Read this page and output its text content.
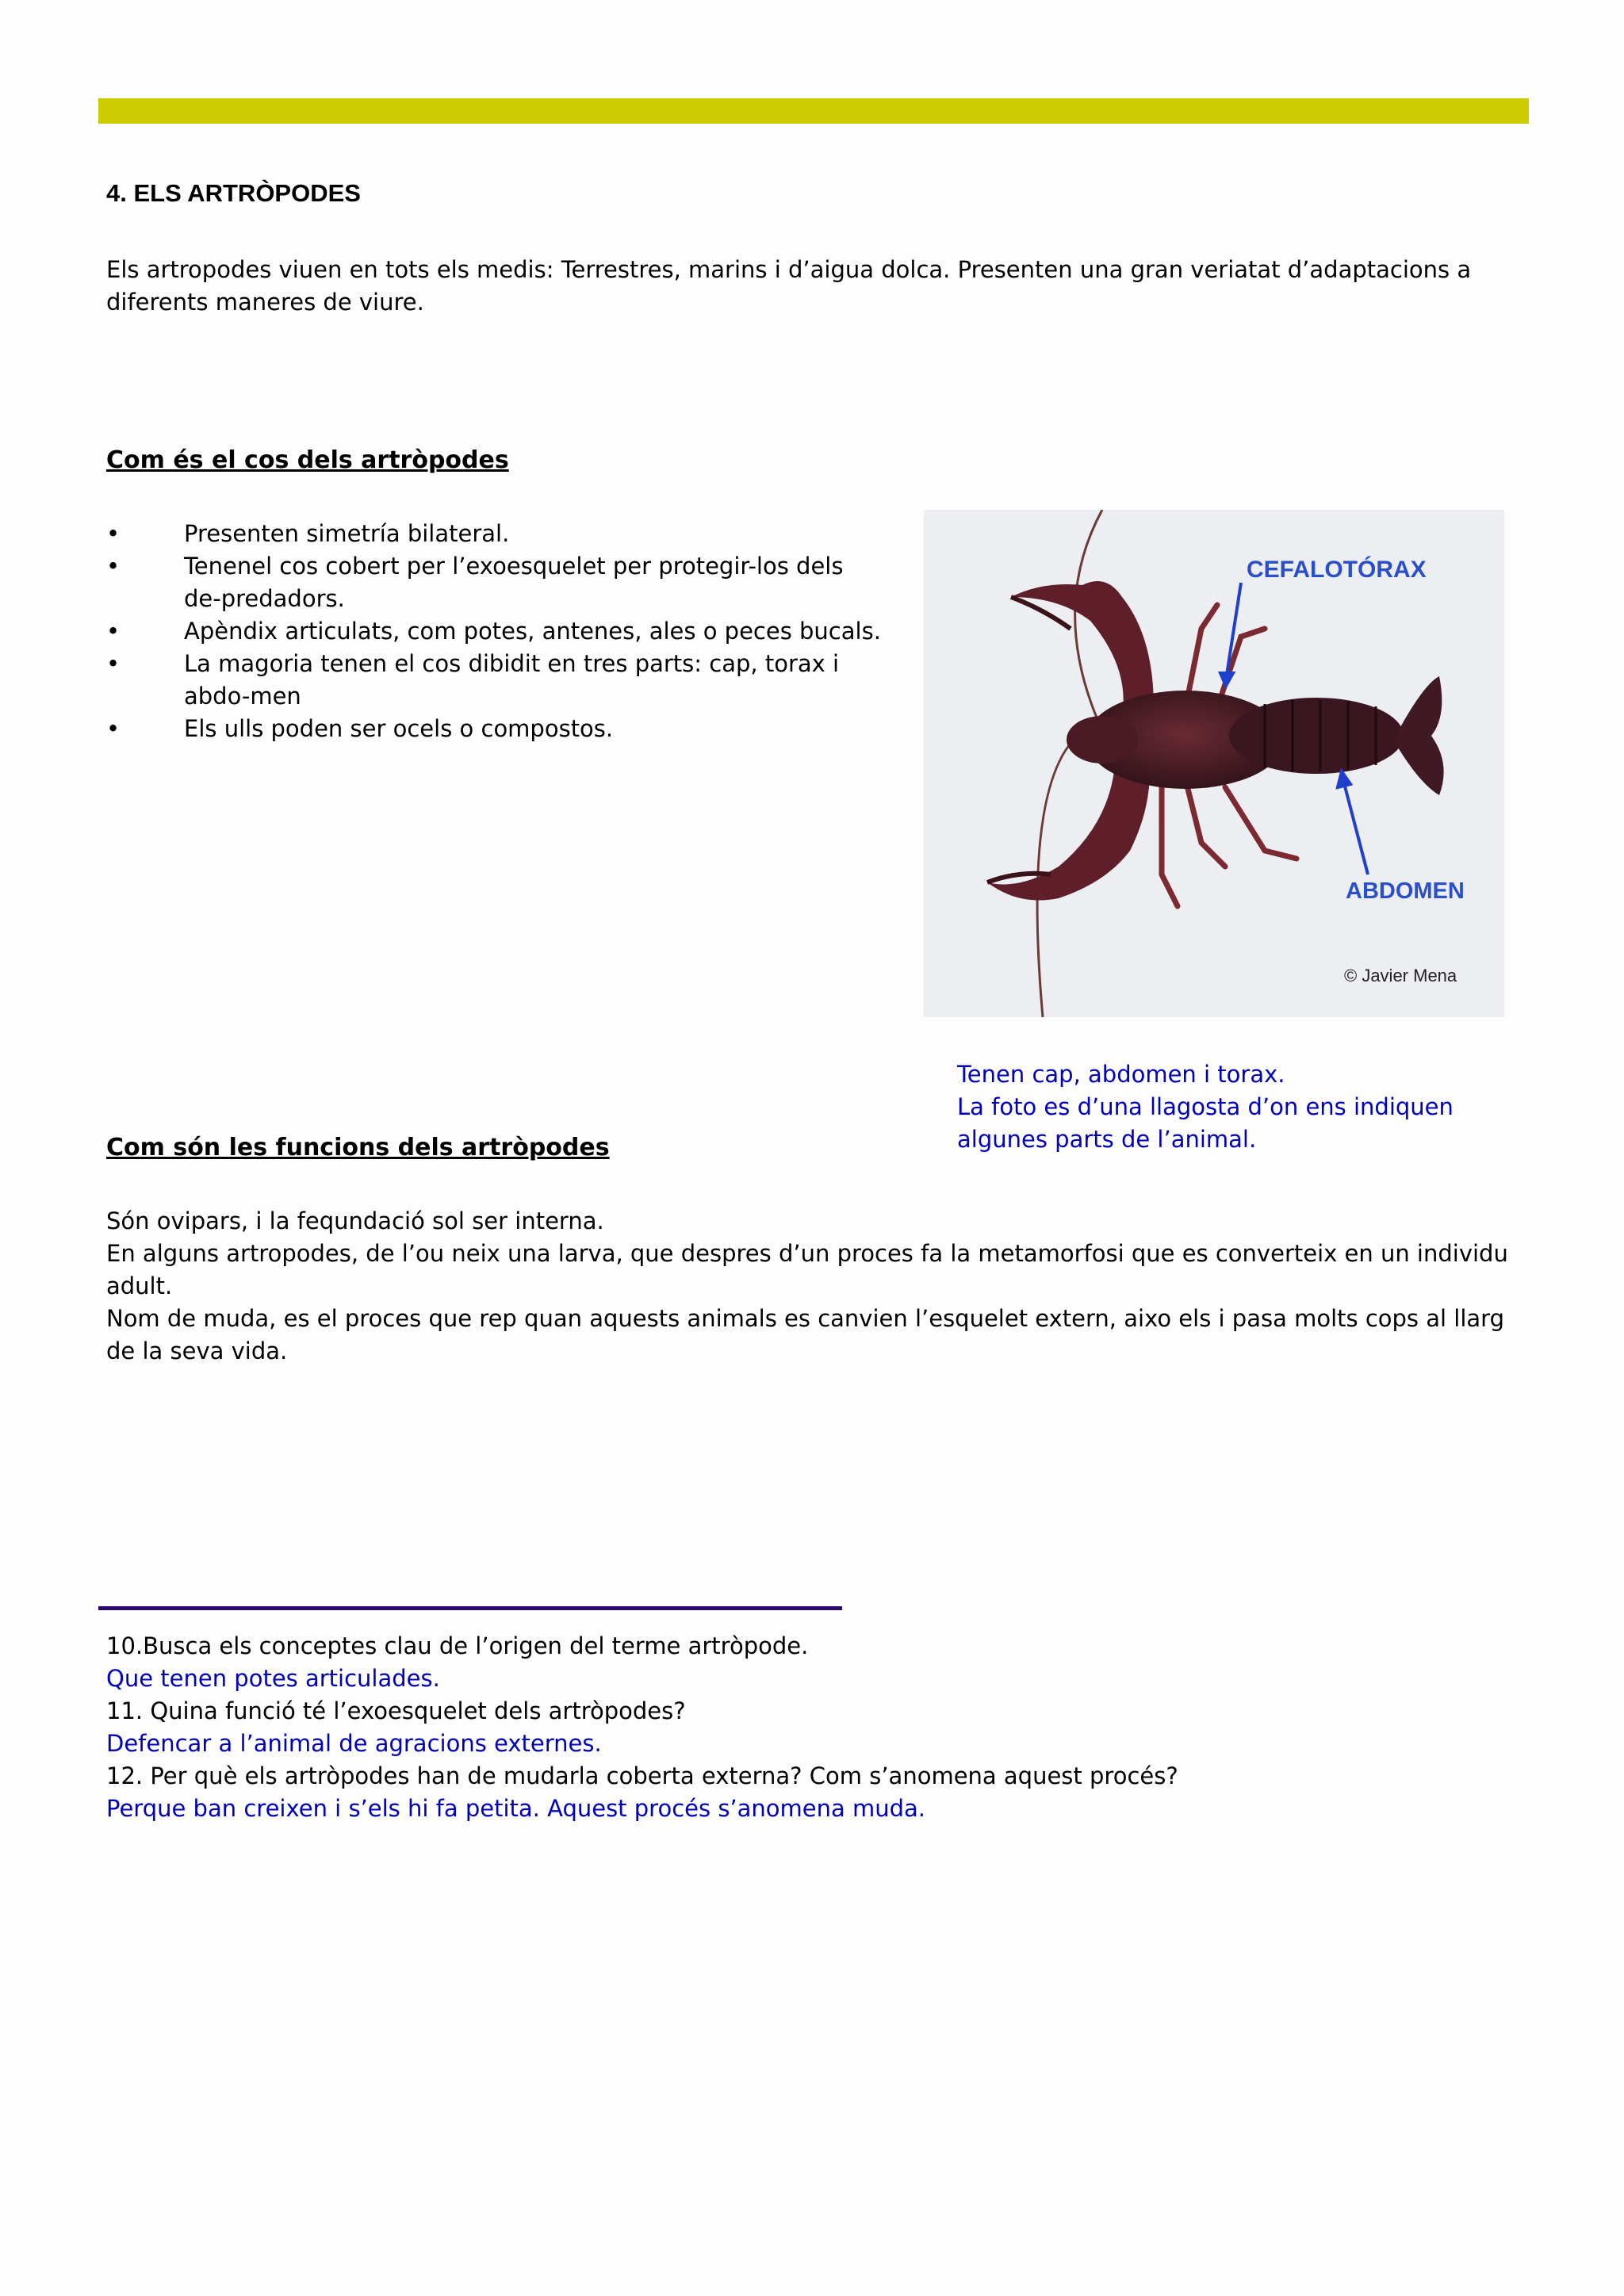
4. ELS ARTRÒPODES
Els artropodes viuen en tots els medis: Terrestres, marins i d’aigua dolca. Presenten una gran veriatat d’adaptacions a diferents maneres de viure.
Com és el cos dels artròpodes
•	Presenten simetría bilateral.
•	Tenenel cos cobert per l’exoesquelet per protegir-los dels de-predadors.
•	Apèndix articulats, com potes, antenes, ales o peces bucals.
•	La magoria tenen el cos dibidit en tres parts: cap, torax i abdo-men
•	Els ulls poden ser ocels o compostos.
CEFALOTÓRAX
ABDOMEN
© Javier Mena
Tenen cap, abdomen i torax.
La foto es d’una llagosta d’on ens indiquen algunes parts de l’animal.
Com són les funcions dels artròpodes
Són ovipars, i la fequndació sol ser interna.
En alguns artropodes, de l’ou neix una larva, que despres d’un proces fa la metamorfosi que es converteix en un individu adult.
Nom de muda, es el proces que rep quan aquests animals es canvien l’esquelet extern, aixo els i pasa molts cops al llarg de la seva vida.
10.Busca els conceptes clau de l’origen del terme artròpode.
Que tenen potes articulades.
11. Quina funció té l’exoesquelet dels artròpodes?
Defencar a l’animal de agracions externes.
12. Per què els artròpodes han de mudarla coberta externa? Com s’anomena aquest procés?
Perque ban creixen i s’els hi fa petita. Aquest procés s’anomena muda.
